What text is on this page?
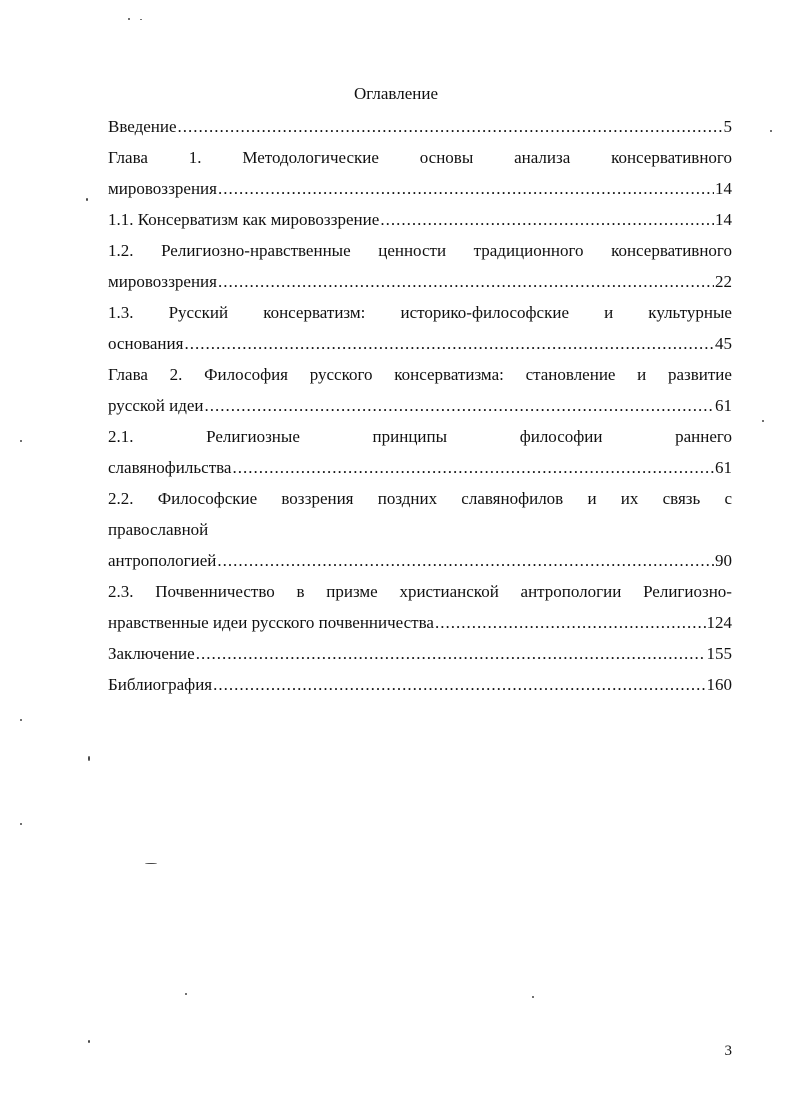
Оглавление
Введение .....	5
Глава 1. Методологические основы анализа консервативного
мировоззрения .....	14
1.1. Консерватизм как мировоззрение .....	14
1.2. Религиозно-нравственные ценности традиционного консервативного
мировоззрения .....	22
1.3. Русский консерватизм: историко-философские и культурные
основания .....	45
Глава 2. Философия русского консерватизма: становление и развитие
русской идеи .....	61
2.1.	Религиозные	принципы	философии	раннего
славянофильства .....	61
2.2. Философские воззрения поздних славянофилов и их связь с
православной
антропологией .....	90
2.3. Почвенничество в призме христианской антропологии Религиозно-
нравственные идеи русского почвенничества .....	124
Заключение .....	155
Библиография .....	160
3
